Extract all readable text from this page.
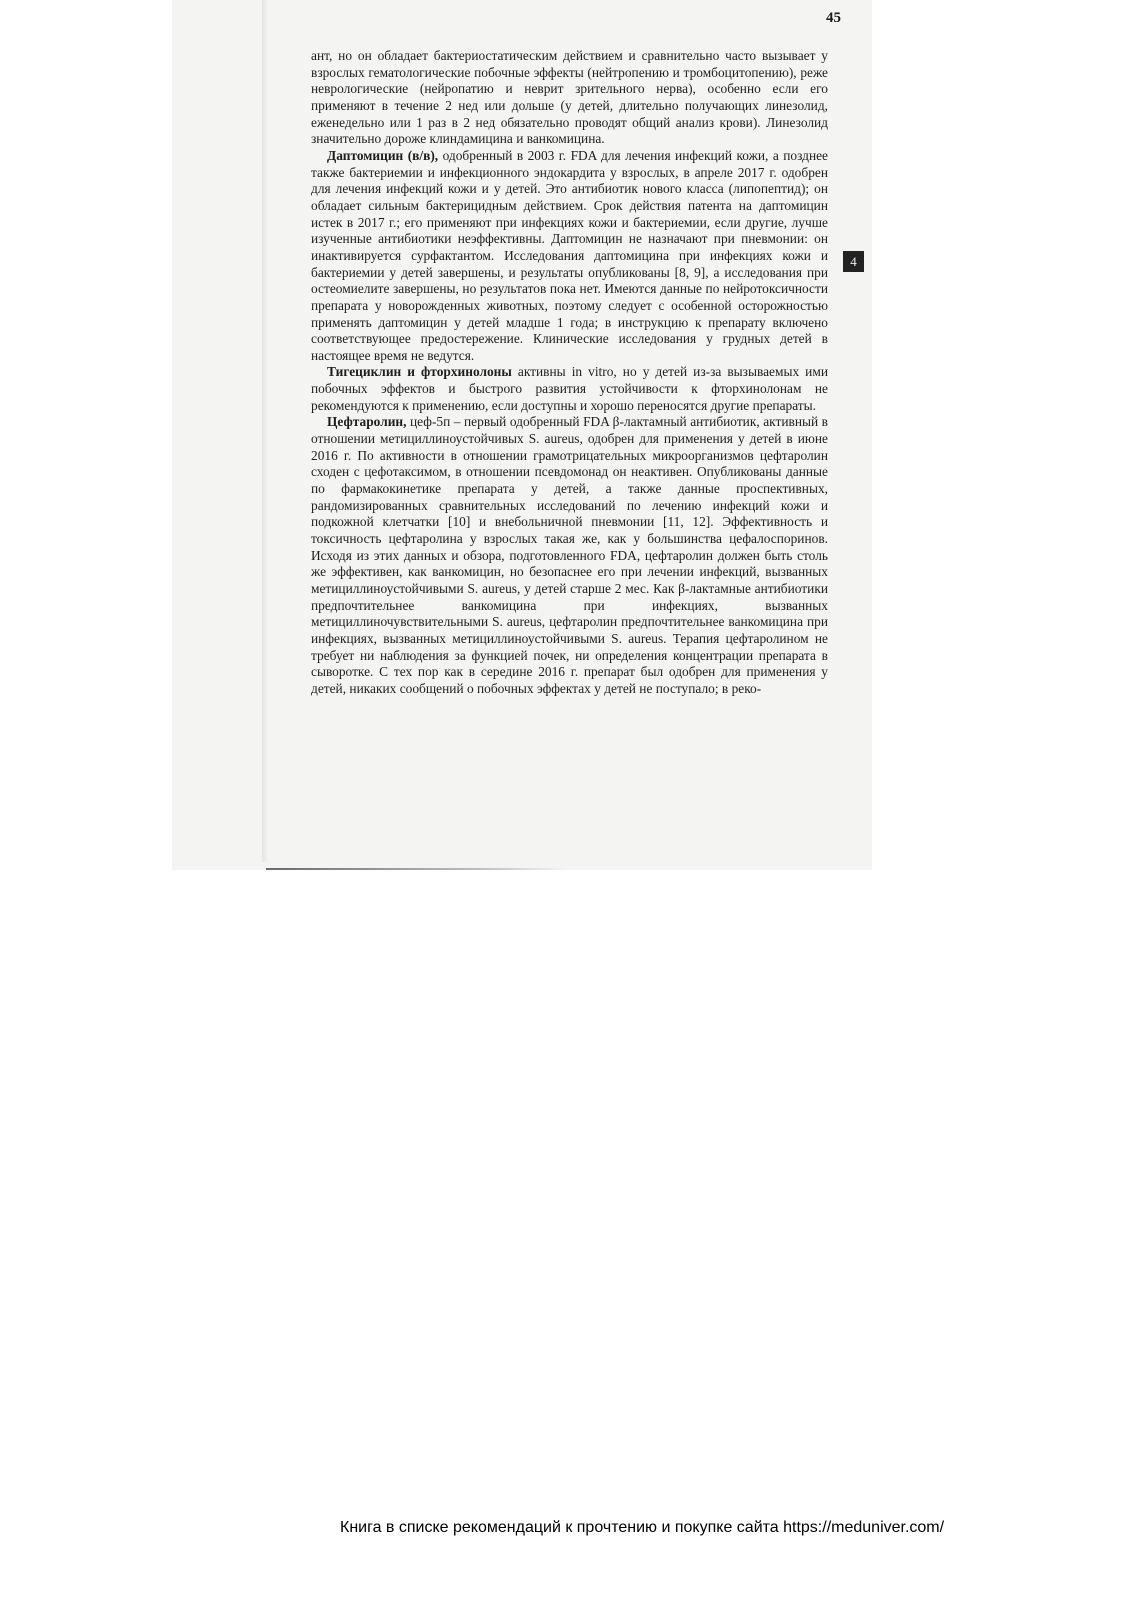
45
4

ант, но он обладает бактериостатическим действием и сравнительно часто вызывает у взрослых гематологические побочные эффекты (нейтропению и тромбоцитопению), реже неврологические (нейропатию и неврит зрительного нерва), особенно если его применяют в течение 2 нед или дольше (у детей, длительно получающих линезолид, еженедельно или 1 раз в 2 нед обязательно проводят общий анализ крови). Линезолид значительно дороже клиндамицина и ванкомицина.

Даптомицин (в/в), одобренный в 2003 г. FDA для лечения инфекций кожи, а позднее также бактериемии и инфекционного эндокардита у взрослых, в апреле 2017 г. одобрен для лечения инфекций кожи и у детей. Это антибиотик нового класса (липопептид); он обладает сильным бактерицидным действием. Срок действия патента на даптомицин истек в 2017 г.; его применяют при инфекциях кожи и бактериемии, если другие, лучше изученные антибиотики неэффективны. Даптомицин не назначают при пневмонии: он инактивируется сурфактантом. Исследования даптомицина при инфекциях кожи и бактериемии у детей завершены, и результаты опубликованы [8, 9], а исследования при остеомиелите завершены, но результатов пока нет. Имеются данные по нейротоксичности препарата у новорожденных животных, поэтому следует с особенной осторожностью применять даптомицин у детей младше 1 года; в инструкцию к препарату включено соответствующее предостережение. Клинические исследования у грудных детей в настоящее время не ведутся.

Тигециклин и фторхинолоны активны in vitro, но у детей из-за вызываемых ими побочных эффектов и быстрого развития устойчивости к фторхинолонам не рекомендуются к применению, если доступны и хорошо переносятся другие препараты.

Цефтаролин, цеф-5п – первый одобренный FDA β-лактамный антибиотик, активный в отношении метициллиноустойчивых S. aureus, одобрен для применения у детей в июне 2016 г. По активности в отношении грамотрицательных микроорганизмов цефтаролин сходен с цефотаксимом, в отношении псевдомонад он неактивен. Опубликованы данные по фармакокинетике препарата у детей, а также данные проспективных, рандомизированных сравнительных исследований по лечению инфекций кожи и подкожной клетчатки [10] и внебольничной пневмонии [11, 12]. Эффективность и токсичность цефтаролина у взрослых такая же, как у большинства цефалоспоринов. Исходя из этих данных и обзора, подготовленного FDA, цефтаролин должен быть столь же эффективен, как ванкомицин, но безопаснее его при лечении инфекций, вызванных метициллиноустойчивыми S. aureus, у детей старше 2 мес. Как β-лактамные антибиотики предпочтительнее ванкомицина при инфекциях, вызванных метициллиночувствительными S. aureus, цефтаролин предпочтительнее ванкомицина при инфекциях, вызванных метициллиноустойчивыми S. aureus. Терапия цефтаролином не требует ни наблюдения за функцией почек, ни определения концентрации препарата в сыворотке. С тех пор как в середине 2016 г. препарат был одобрен для применения у детей, никаких сообщений о побочных эффектах у детей не поступало; в реко-

Книга в списке рекомендаций к прочтению и покупке сайта https://meduniver.com/
